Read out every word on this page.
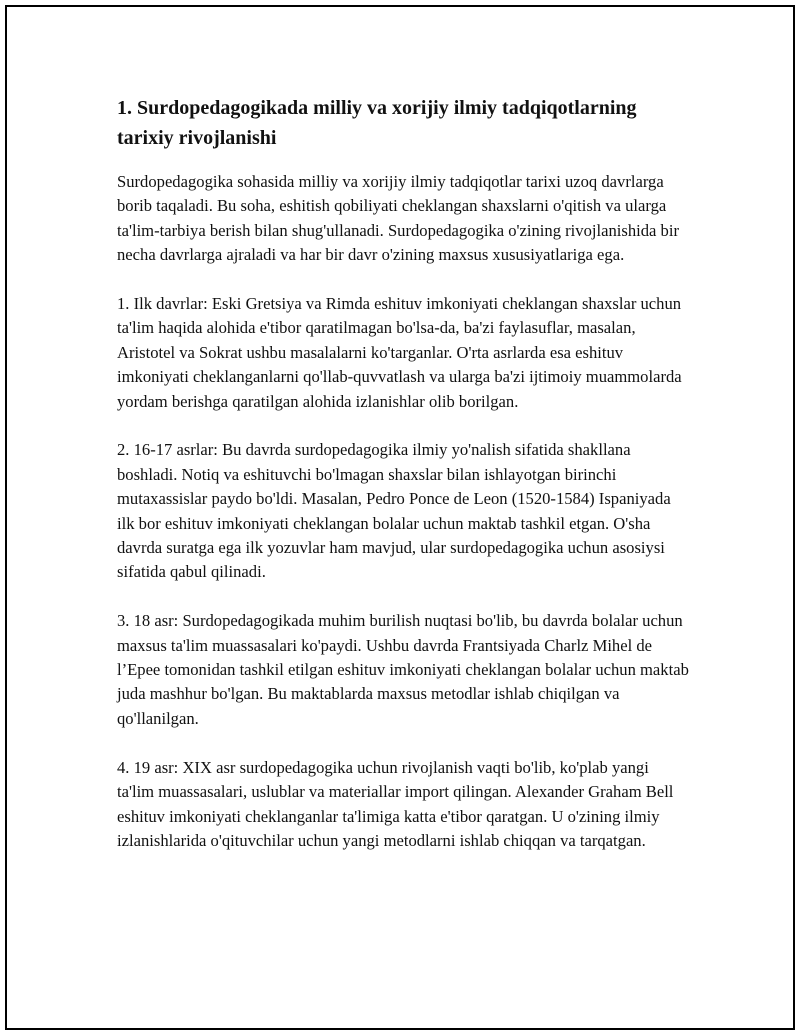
1. Surdopedagogikada milliy va xorijiy ilmiy tadqiqotlarning tarixiy rivojlanishi

Surdopedagogika sohasida milliy va xorijiy ilmiy tadqiqotlar tarixi uzoq davrlarga borib taqaladi. Bu soha, eshitish qobiliyati cheklangan shaxslarni o'qitish va ularga ta'lim-tarbiya berish bilan shug'ullanadi. Surdopedagogika o'zining rivojlanishida bir necha davrlarga ajraladi va har bir davr o'zining maxsus xususiyatlariga ega.

1. Ilk davrlar: Eski Gretsiya va Rimda eshituv imkoniyati cheklangan shaxslar uchun ta'lim haqida alohida e'tibor qaratilmagan bo'lsa-da, ba'zi faylasuflar, masalan, Aristotel va Sokrat ushbu masalalarni ko'targanlar. O'rta asrlarda esa eshituv imkoniyati cheklanganlarni qo'llab-quvvatlash va ularga ba'zi ijtimoiy muammolarda yordam berishga qaratilgan alohida izlanishlar olib borilgan.

2. 16-17 asrlar: Bu davrda surdopedagogika ilmiy yo'nalish sifatida shakllana boshladi. Notiq va eshituvchi bo'lmagan shaxslar bilan ishlayotgan birinchi mutaxassislar paydo bo'ldi. Masalan, Pedro Ponce de Leon (1520-1584) Ispaniyada ilk bor eshituv imkoniyati cheklangan bolalar uchun maktab tashkil etgan. O'sha davrda suratga ega ilk yozuvlar ham mavjud, ular surdopedagogika uchun asosiysi sifatida qabul qilinadi.

3. 18 asr: Surdopedagogikada muhim burilish nuqtasi bo'lib, bu davrda bolalar uchun maxsus ta'lim muassasalari ko'paydi. Ushbu davrda Frantsiyada Charlz Mihel de l’Epee tomonidan tashkil etilgan eshituv imkoniyati cheklangan bolalar uchun maktab juda mashhur bo'lgan. Bu maktablarda maxsus metodlar ishlab chiqilgan va qo'llanilgan.

4. 19 asr: XIX asr surdopedagogika uchun rivojlanish vaqti bo'lib, ko'plab yangi ta'lim muassasalari, uslublar va materiallar import qilingan. Alexander Graham Bell eshituv imkoniyati cheklanganlar ta'limiga katta e'tibor qaratgan. U o'zining ilmiy izlanishlarida o'qituvchilar uchun yangi metodlarni ishlab chiqqan va tarqatgan.
